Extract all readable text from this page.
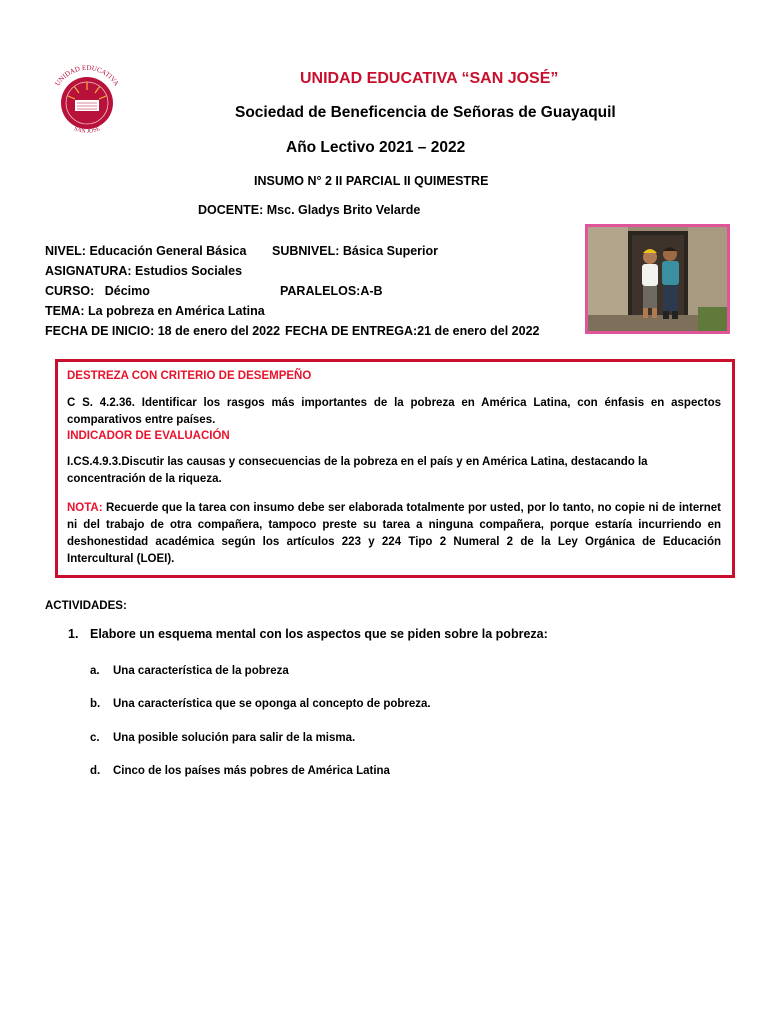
UNIDAD EDUCATIVA
SAN JOSÉ
UNIDAD EDUCATIVA “SAN JOSÉ”
Sociedad de Beneficencia de Señoras de Guayaquil
Año Lectivo 2021 – 2022
INSUMO N° 2 II PARCIAL II QUIMESTRE
DOCENTE: Msc. Gladys Brito Velarde
NIVEL: Educación General Básica SUBNIVEL: Básica Superior
ASIGNATURA: Estudios Sociales
CURSO:   Décimo	PARALELOS:A-B
TEMA: La pobreza en América Latina
FECHA DE INICIO: 18 de enero del 2022 FECHA DE ENTREGA:21 de enero del 2022
DESTREZA CON CRITERIO DE DESEMPEÑO
C S. 4.2.36. Identificar los rasgos más importantes de la pobreza en América Latina, con énfasis en aspectos comparativos entre países.
INDICADOR DE EVALUACIÓN
I.CS.4.9.3.Discutir las causas y consecuencias de la pobreza en el país y en América Latina, destacando la concentración de la riqueza.
NOTA: Recuerde que la tarea con insumo debe ser elaborada totalmente por usted, por lo tanto, no copie ni de internet ni del trabajo de otra compañera, tampoco preste su tarea a ninguna compañera, porque estaría incurriendo en deshonestidad académica según los artículos 223 y 224 Tipo 2 Numeral 2 de la Ley Orgánica de Educación Intercultural (LOEI).
ACTIVIDADES:
1. Elabore un esquema mental con los aspectos que se piden sobre la pobreza:
a. Una característica de la pobreza
b. Una característica que se oponga al concepto de pobreza.
c. Una posible solución para salir de la misma.
d. Cinco de los países más pobres de América Latina
